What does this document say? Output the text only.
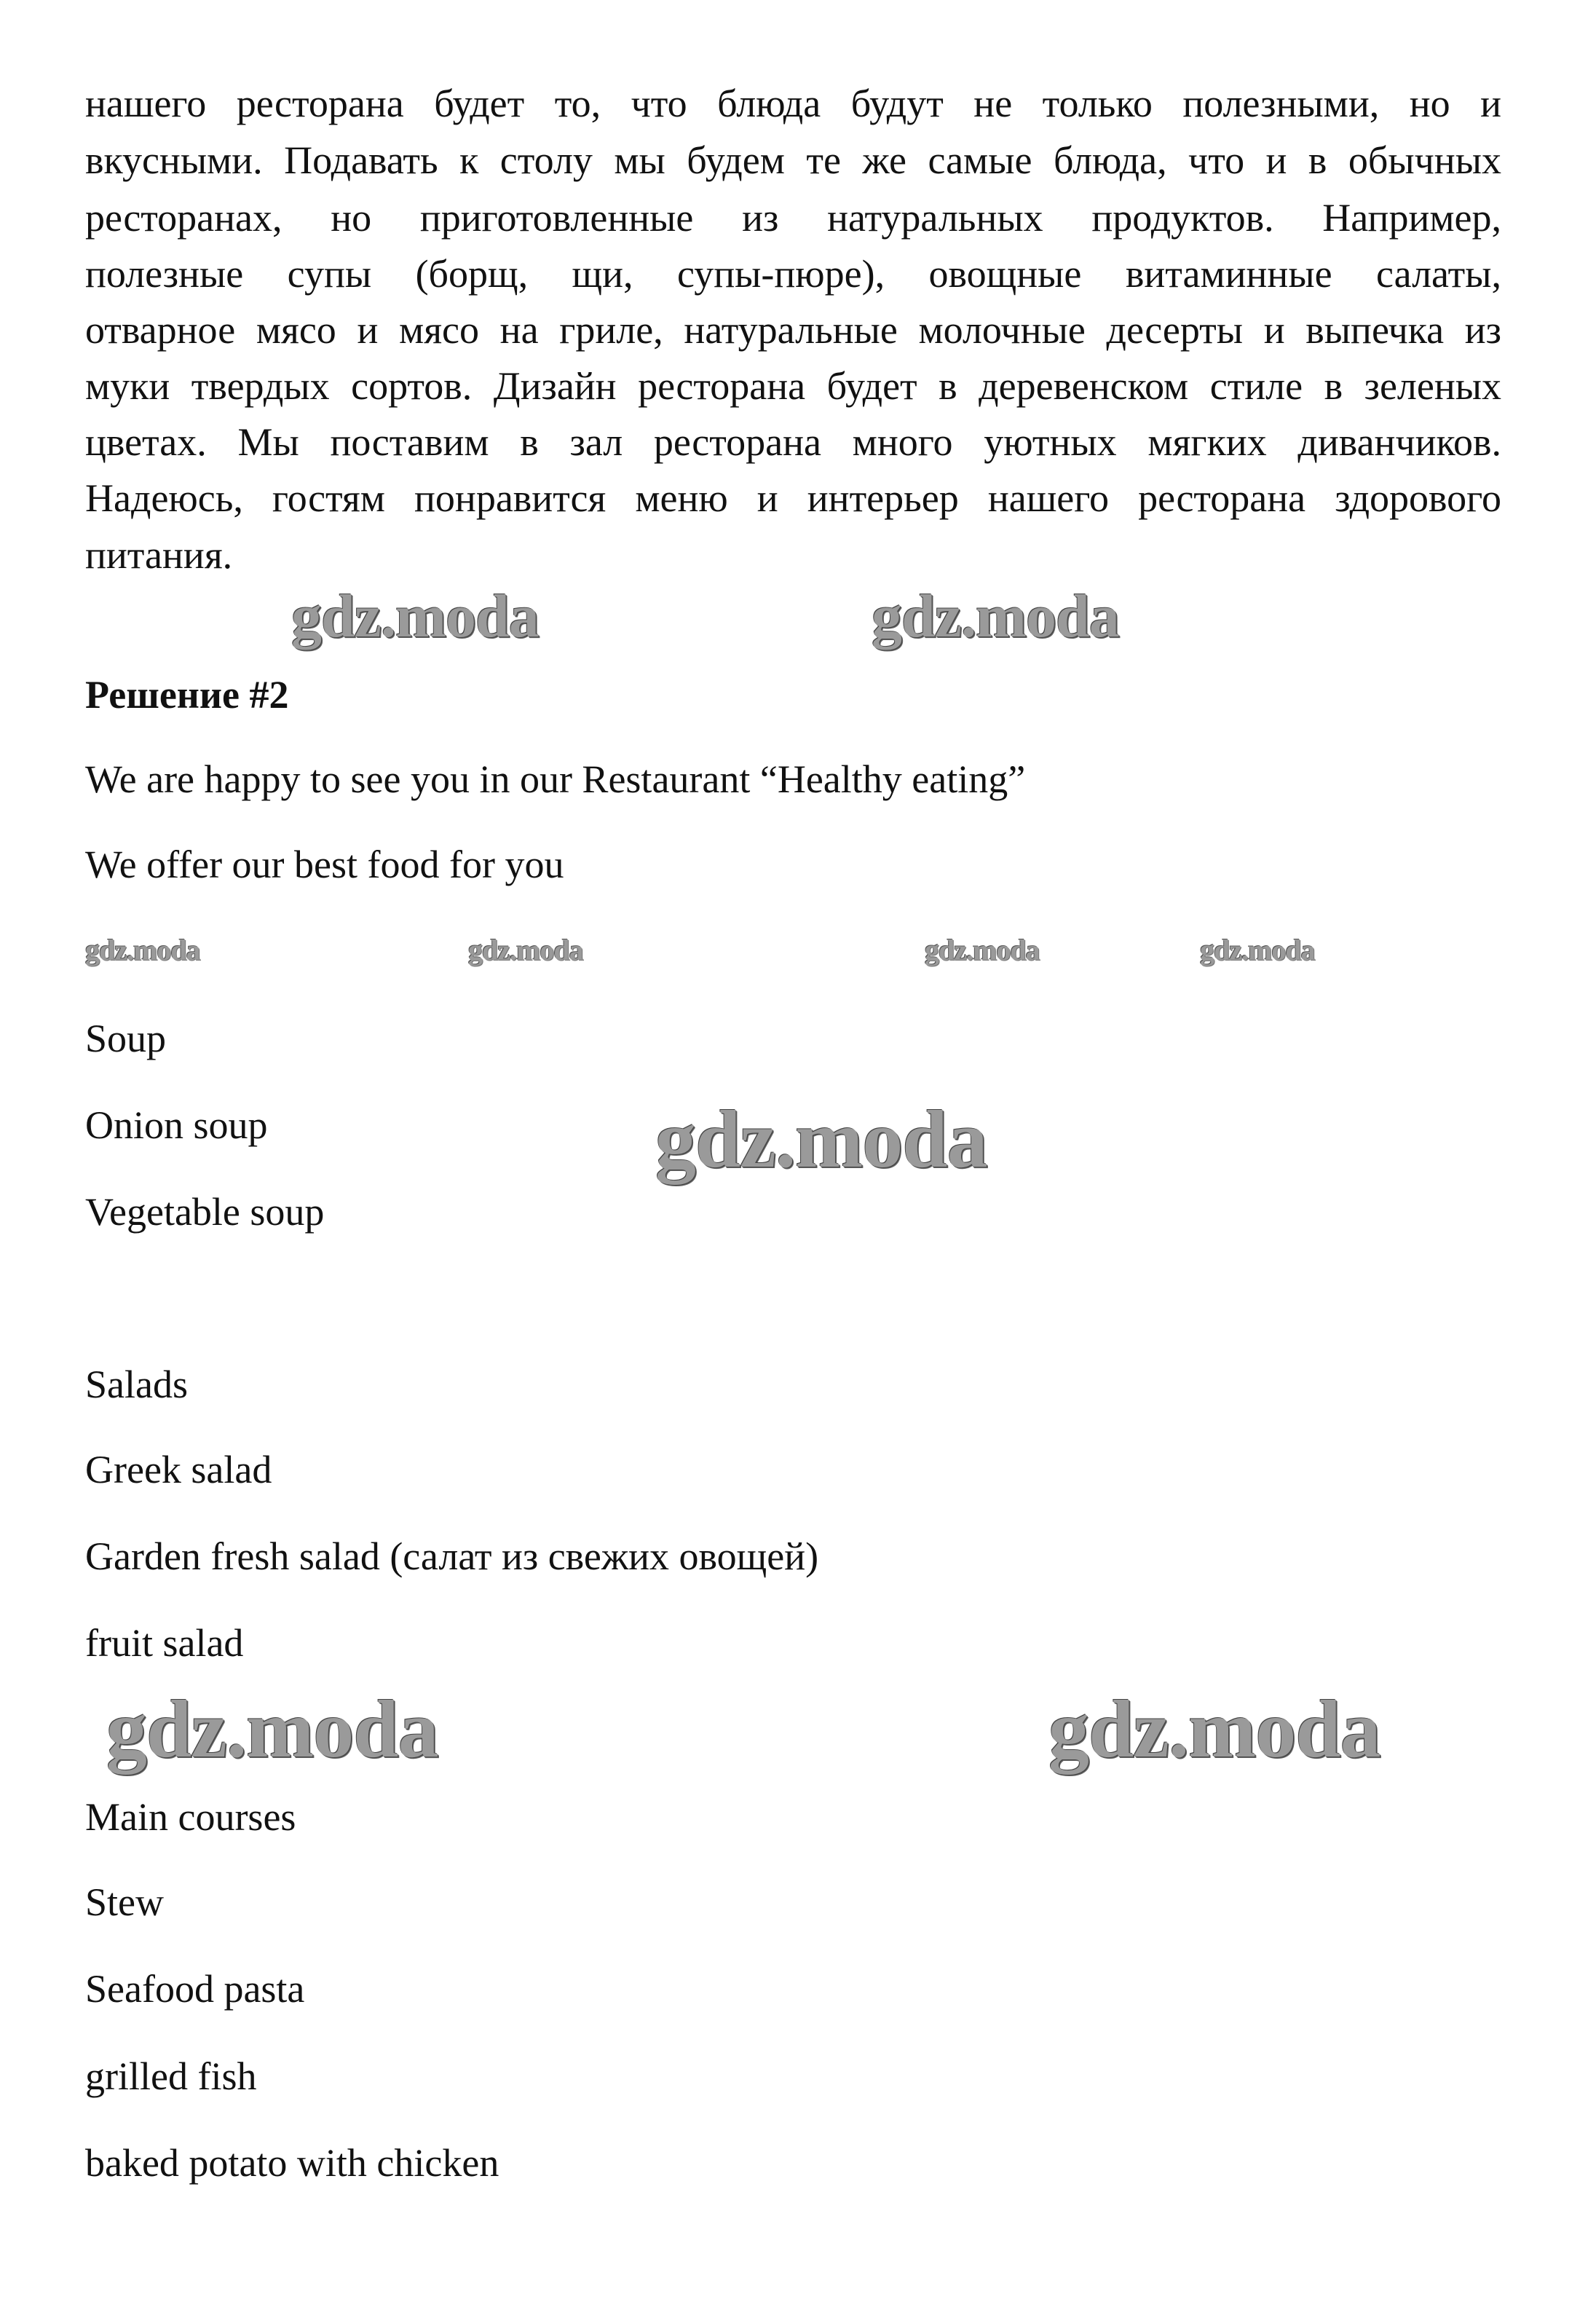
нашего ресторана будет то, что блюда будут не только полезными, но и
вкусными. Подавать к столу мы будем те же самые блюда, что и в обычных
ресторанах, но приготовленные из натуральных продуктов. Например,
полезные супы (борщ, щи, супы-пюре), овощные витаминные салаты,
отварное мясо и мясо на гриле, натуральные молочные десерты и выпечка из
муки твердых сортов. Дизайн ресторана будет в деревенском стиле в зеленых
цветах. Мы поставим в зал ресторана много уютных мягких диванчиков.
Надеюсь, гостям понравится меню и интерьер нашего ресторана здорового
питания.
Решение #2
We are happy to see you in our Restaurant “Healthy eating”
We offer our best food for you
Soup
Onion soup
Vegetable soup
Salads
Greek salad
Garden fresh salad (салат из свежих овощей)
fruit salad
Main courses
Stew
Seafood pasta
grilled fish
baked potato with chicken
gdz.moda	gdz.moda	gdz.moda	gdz.moda
gdz.moda	gdz.moda
gdz.moda
gdz.moda	gdz.moda
